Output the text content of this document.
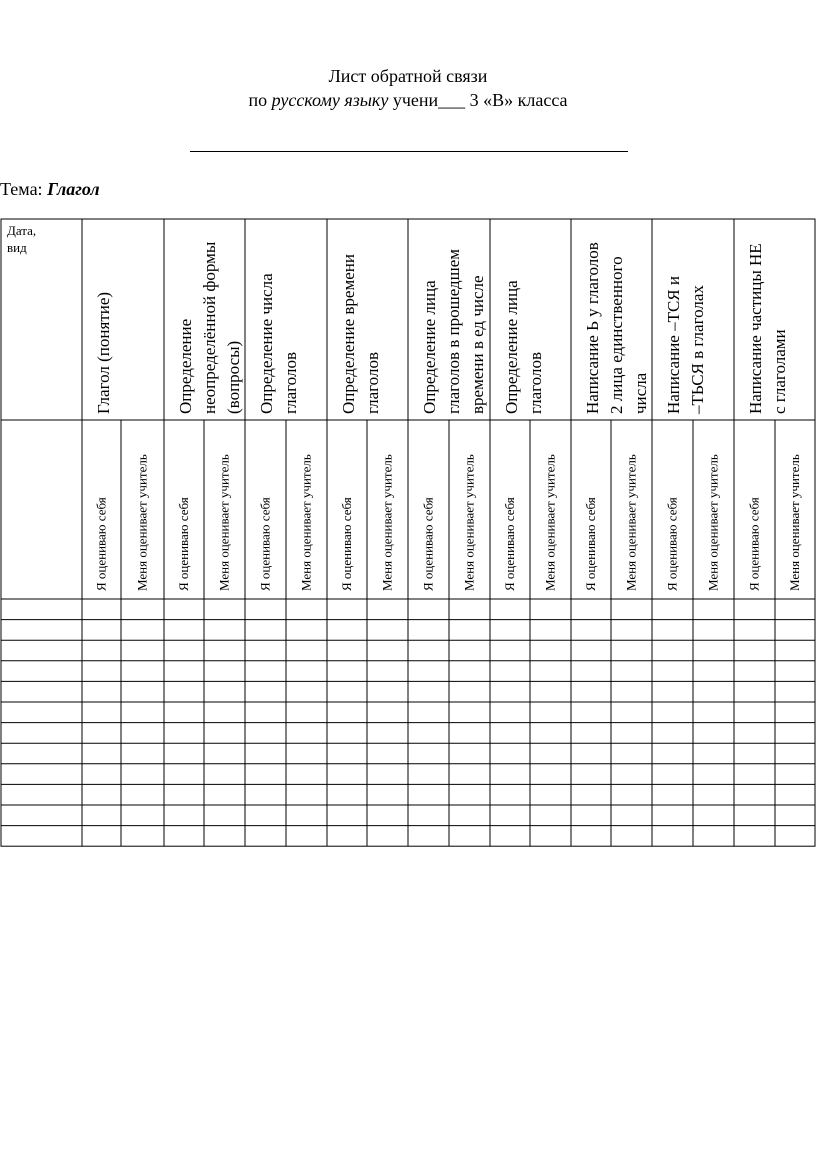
Лист обратной связи
по русскому языку учени___ 3 «В» класса
Тема: Глагол
Дата,
вид
Глагол (понятие)	Определение неопределённой формы (вопросы) Определение числа глаголов Определение времени глаголов Определение лица глаголов в прошедшем времени в ед числе Определение лица глаголов Написание Ь у глаголов 2 лица единственного числа Написание –ТСЯ и –ТЬСЯ в глаголах Написание частицы НЕ с глаголами
Я оцениваю себя Меня оценивает учитель Я оцениваю себя Меня оценивает учитель Я оцениваю себя Меня оценивает учитель Я оцениваю себя Меня оценивает учитель Я оцениваю себя Меня оценивает учитель Я оцениваю себя Меня оценивает учитель Я оцениваю себя Меня оценивает учитель Я оцениваю себя Меня оценивает учитель Я оцениваю себя Меня оценивает учитель
